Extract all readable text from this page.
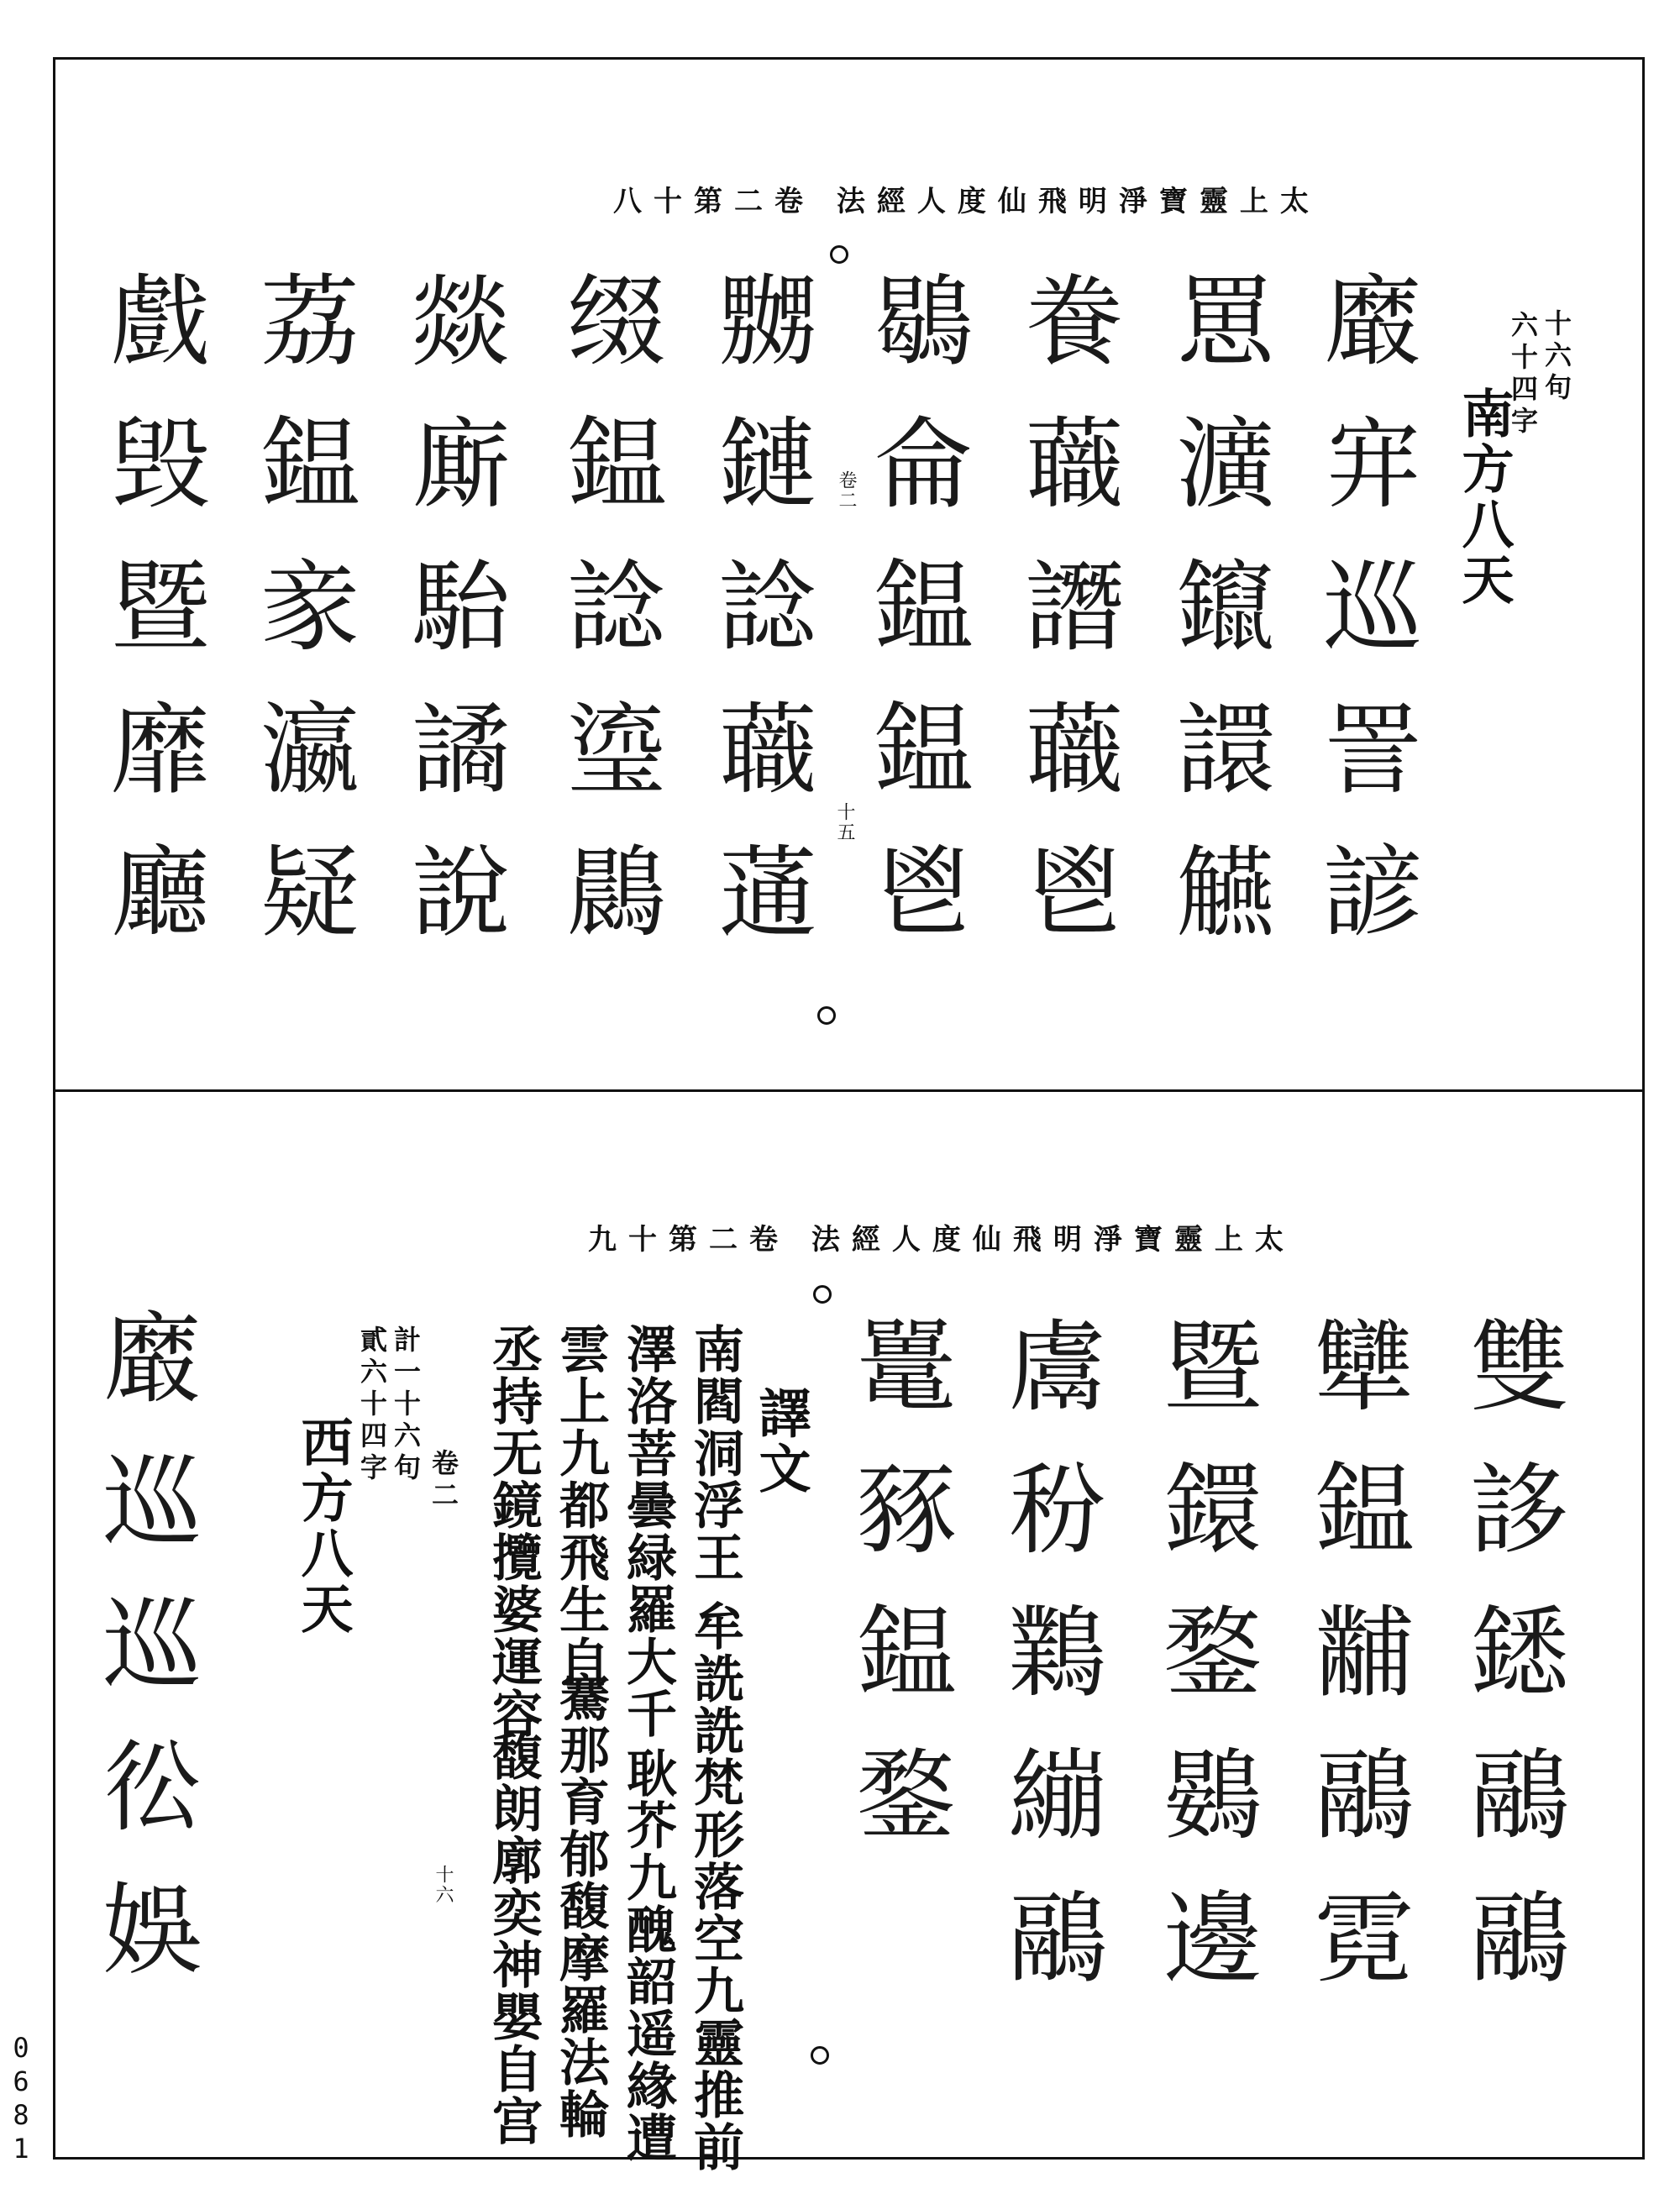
八十第二卷 法經人度仙飛明淨寶靈上太
十六句
六十四字
南方八天
卷二
十五	黀宑巡詈諺
罳瀇鑹譞觾
飬蘵譖蘵鬯
鶡侖鎾鎾鬯
嬲鏈諗蘵蓪
缀鎾諗瑬鷐
燚廝駘譎說
荔鎾豙瀛疑
戲毁暨靡廳
九十第二卷 法經人度仙飛明淨寶靈上太
雙誃鏭鷊鷊
犫鎾黼鷊霓
暨鐶鍪鷃邊
鬳秎鸈繃鷊
鼍豩鎾鍪
譯文
南閻洞浮王
牟詵詵梵形落空九靈推前
澤洛菩曇緑羅大千
耿芥九醜韶遥緣遭
雲上九都飛生自
騫那育郁馥摩羅法輪
丞持无鏡攬婆運容
馥朗廓奕神嬰自宫
卷二
十六
計一十六句
貳六十四字
西方八天
黀巡巡彸娛
0681
